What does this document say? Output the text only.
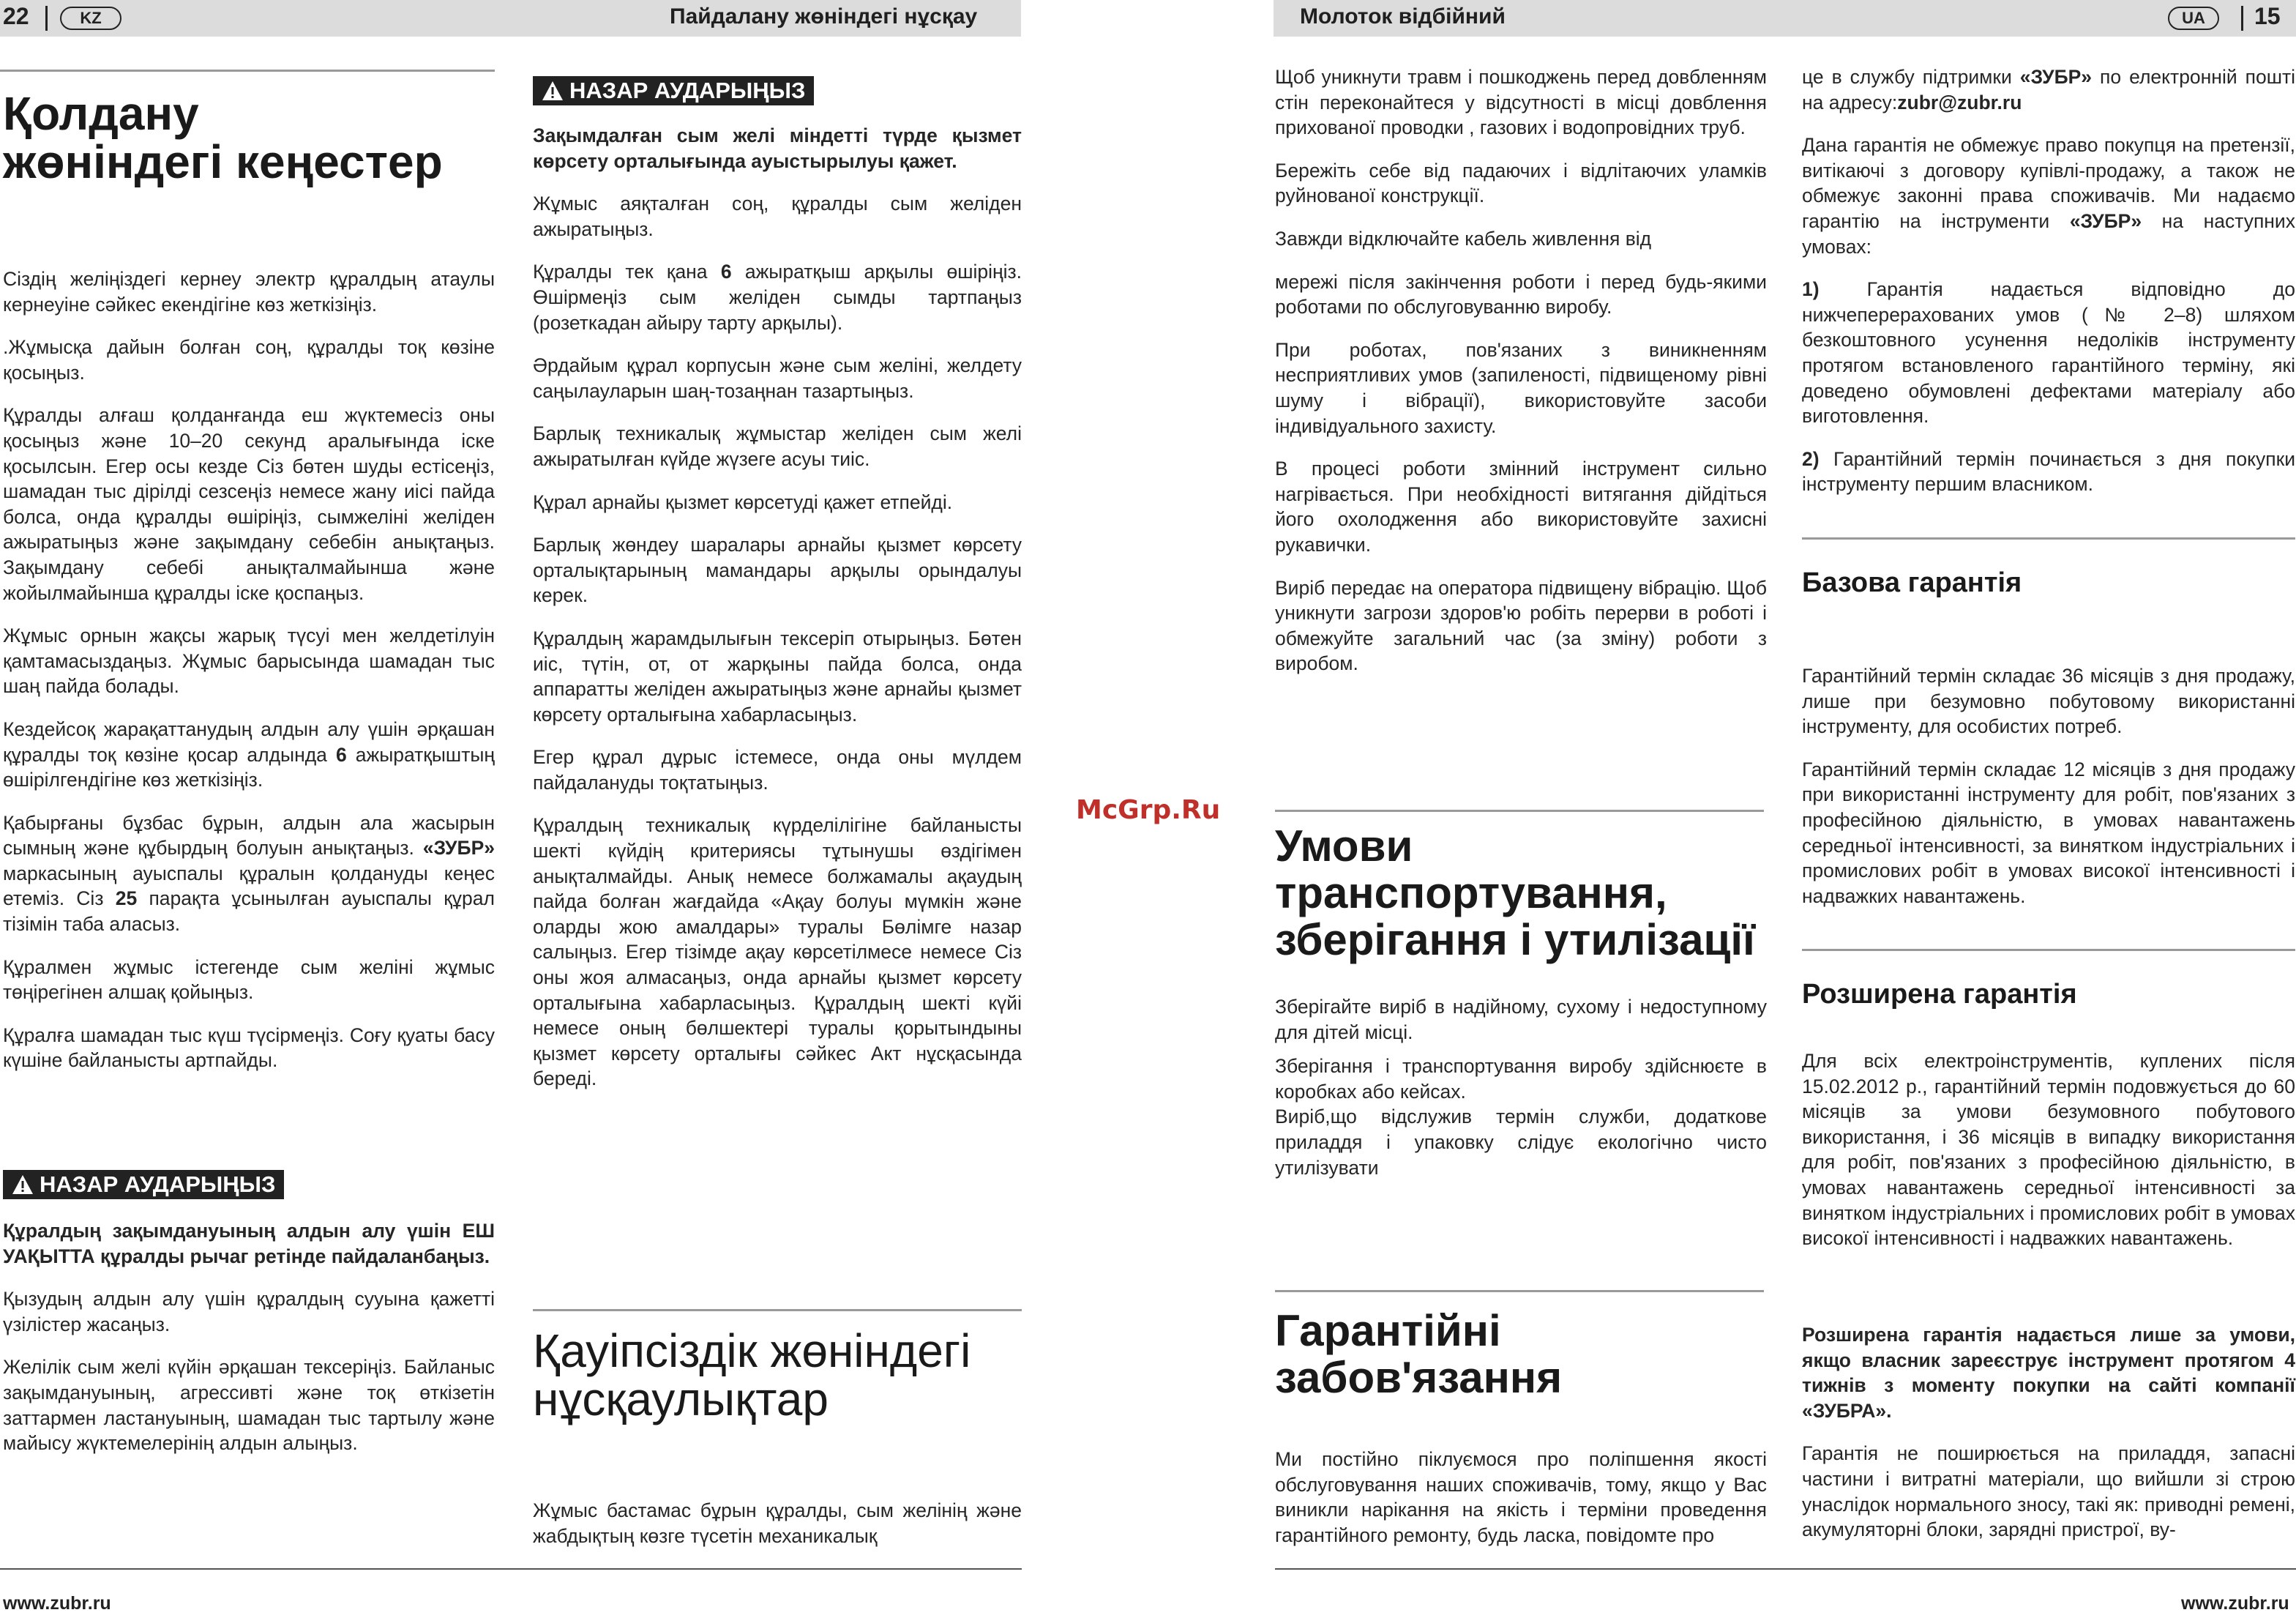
22	KZ	Пайдалану жөніндегі нұсқау
Қолдану
жөніндегі кеңестер

Сіздің желіңіздегі кернеу электр құралдың атаулы кернеуіне сәйкес екендігіне көз жеткізіңіз.

.Жұмысқа дайын болған соң, құралды тоқ көзіне қосыңыз.

Құралды алғаш қолданғанда еш жүктемесіз оны қосыңыз және 10–20 секунд аралығында іске қосылсын. Егер осы кезде Сіз бөтен шуды естісеңіз, шамадан тыс дірілді сезсеңіз немесе жану иісі пайда болса, онда құралды өшіріңіз, сымжеліні желіден ажыратыңыз және зақымдану себебін анықтаңыз. Зақымдану себебі анықталмайынша және жойылмайынша құралды іске қоспаңыз.

Жұмыс орнын жақсы жарық түсуі мен желдетілуін қамтамасыздаңыз. Жұмыс барысында шамадан тыс шаң пайда болады.

Кездейсоқ жарақаттанудың алдын алу үшін әрқашан құралды тоқ көзіне қосар алдында 6 ажыратқыштың өшірілгендігіне көз жеткізіңіз.

Қабырғаны бұзбас бұрын, алдын ала жасырын сымның және құбырдың болуын анықтаңыз. «ЗУБР» маркасының ауыспалы құралын қолдануды кеңес етеміз. Сіз 25 парақта ұсынылған ауыспалы құрал тізімін таба аласыз.

Құралмен жұмыс істегенде сым желіні жұмыс төңірегінен алшақ қойыңыз.

Құралға шамадан тыс күш түсірмеңіз. Соғу қуаты басу күшіне байланысты артпайды.

НАЗАР АУДАРЫҢЫЗ

Құралдың зақымдануының алдын алу үшін ЕШ УАҚЫТТА құралды рычаг ретінде пайдаланбаңыз.

Қызудың алдын алу үшін құралдың сууына қажетті үзілістер жасаңыз.

Желілік сым желі күйін әрқашан тексеріңіз. Байланыс зақымдануының, агрессивті және тоқ өткізетін заттармен ластануының, шамадан тыс тартылу және майысу жүктемелерінің алдын алыңыз.

НАЗАР АУДАРЫҢЫЗ

Зақымдалған сым желі міндетті түрде қызмет көрсету орталығында ауыстырылуы қажет.

Жұмыс аяқталған соң, құралды сым желіден ажыратыңыз.

Құралды тек қана 6 ажыратқыш арқылы өшіріңіз. Өшірмеңіз сым желіден сымды тартпаңыз (розеткадан айыру тарту арқылы).

Әрдайым құрал корпусын және сым желіні, желдету саңылауларын шаң-тозаңнан тазартыңыз.

Барлық техникалық жұмыстар желіден сым желі ажыратылған күйде жүзеге асуы тиіс.

Құрал арнайы қызмет көрсетуді қажет етпейді.

Барлық жөндеу шаралары арнайы қызмет көрсету орталықтарының мамандары арқылы орындалуы керек.

Құралдың жарамдылығын тексеріп отырыңыз. Бөтен иіс, түтін, от, от жарқыны пайда болса, онда аппаратты желіден ажыратыңыз және арнайы қызмет көрсету орталығына хабарласыңыз.

Егер құрал дұрыс істемесе, онда оны мүлдем пайдалануды тоқтатыңыз.

Құралдың техникалық күрделілігіне байланысты шекті күйдің критериясы тұтынушы өздігімен анықталмайды. Анық немесе болжамалы ақаудың пайда болған жағдайда «Ақау болуы мүмкін және оларды жою амалдары» туралы Бөлімге назар салыңыз. Егер тізімде ақау көрсетілмесе немесе Сіз оны жоя алмасаңыз, онда арнайы қызмет көрсету орталығына хабарласыңыз. Құралдың шекті күйі немесе оның бөлшектері туралы қорытындыны қызмет көрсету орталығы сәйкес Акт нұсқасында береді.

Қауіпсіздік жөніндегі
нұсқаулықтар

Жұмыс бастамас бұрын құралды, сым желінің және жабдықтың көзге түсетін механикалық

www.zubr.ru
McGrp.Ru
Молоток відбійний	UA	15

Щоб уникнути травм і пошкоджень перед довбленням стін переконайтеся у відсутності в місці довблення прихованої проводки , газових і водопровідних труб.

Бережіть себе від падаючих і відлітаючих уламків руйнованої конструкції.

Завжди відключайте кабель живлення від

мережі після закінчення роботи і перед будь-якими роботами по обслуговуванню виробу.

При роботах, пов'язаних з виникненням несприятливих умов (запиленості, підвищеному рівні шуму і вібрації), використовуйте засоби індивідуального захисту.

В процесі роботи змінний інструмент сильно нагрівається. При необхідності витягання дійдіться його охолодження або використовуйте захисні рукавички.

Виріб передає на оператора підвищену вібрацію. Щоб уникнути загрози здоров'ю робіть перерви в роботі і обмежуйте загальний час (за зміну) роботи з виробом.

Умови
транспортування,
зберігання і утилізації

Зберігайте виріб в надійному, сухому і недоступному для дітей місці.

Зберігання і транспортування виробу здійснюєте в коробках або кейсах.

Виріб,що відслужив термін служби, додаткове приладдя і упаковку слідує екологічно чисто утилізувати

Гарантійні
забов'язання

Ми постійно піклуємося про поліпшення якості обслуговування наших споживачів, тому, якщо у Вас виникли нарікання на якість і терміни проведення гарантійного ремонту, будь ласка, повідомте про

це в службу підтримки «ЗУБР» по електронній пошті на адресу:zubr@zubr.ru

Дана гарантія не обмежує право покупця на претензії, витікаючі з договору купівлі-продажу, а також не обмежує законні права споживачів. Ми надаємо гарантію на інструменти «ЗУБР» на наступних умовах:

1) Гарантія надається відповідно до нижчеперерахованих умов (№ 2–8) шляхом безкоштовного усунення недоліків інструменту протягом встановленого гарантійного терміну, які доведено обумовлені дефектами матеріалу або виготовлення.

2) Гарантійний термін починається з дня покупки інструменту першим власником.

Базова гарантія

Гарантійний термін складає 36 місяців з дня продажу, лише при безумовно побутовому використанні інструменту, для особистих потреб.

Гарантійний термін складає 12 місяців з дня продажу при використанні інструменту для робіт, пов'язаних з професійною діяльністю, в умовах навантажень середньої інтенсивності, за винятком індустріальних і промислових робіт в умовах високої інтенсивності і надважких навантажень.

Розширена гарантія

Для всіх електроінструментів, куплених після 15.02.2012 р., гарантійний термін подовжується до 60 місяців за умови безумовного побутового використання, і 36 місяців в випадку використання для робіт, пов'язаних з професійною діяльністю, в умовах навантажень середньої інтенсивності за винятком індустріальних і промислових робіт в умовах високої інтенсивності і надважких навантажень.

Розширена гарантія надається лише за умови, якщо власник зареєструє інструмент протягом 4 тижнів з моменту покупки на сайті компанії «ЗУБРА».

Гарантія не поширюється на приладдя, запасні частини і витратні матеріали, що вийшли зі строю унаслідок нормального зносу, такі як: приводні ремені, акумуляторні блоки, зарядні пристрої, ву-

www.zubr.ru
